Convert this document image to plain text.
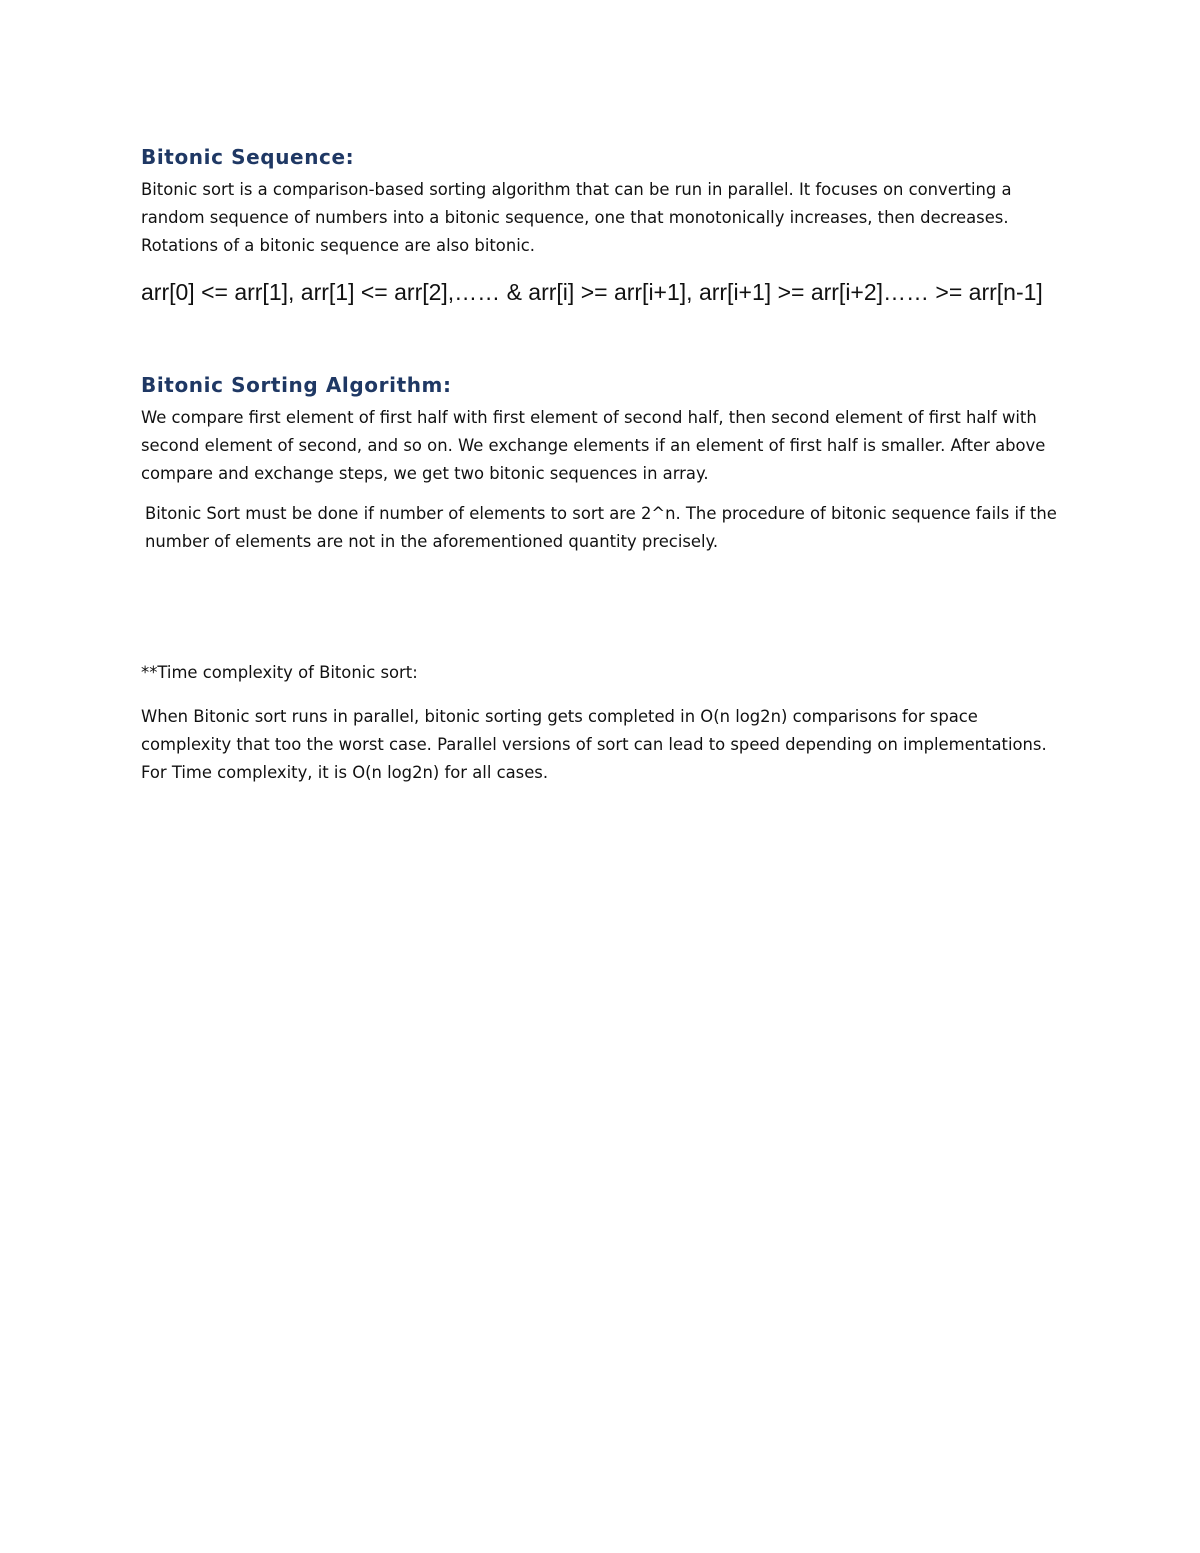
Bitonic Sequence:

Bitonic sort is a comparison-based sorting algorithm that can be run in parallel. It focuses on converting a random sequence of numbers into a bitonic sequence, one that monotonically increases, then decreases. Rotations of a bitonic sequence are also bitonic.

arr[0] <= arr[1], arr[1] <= arr[2],…… & arr[i] >= arr[i+1], arr[i+1] >= arr[i+2]…… >= arr[n-1]

Bitonic Sorting Algorithm:

We compare first element of first half with first element of second half, then second element of first half with second element of second, and so on. We exchange elements if an element of first half is smaller. After above compare and exchange steps, we get two bitonic sequences in array.

Bitonic Sort must be done if number of elements to sort are 2^n. The procedure of bitonic sequence fails if the number of elements are not in the aforementioned quantity precisely.

**Time complexity of Bitonic sort:

When Bitonic sort runs in parallel, bitonic sorting gets completed in O(n log2n) comparisons for space complexity that too the worst case. Parallel versions of sort can lead to speed depending on implementations. For Time complexity, it is O(n log2n) for all cases.
